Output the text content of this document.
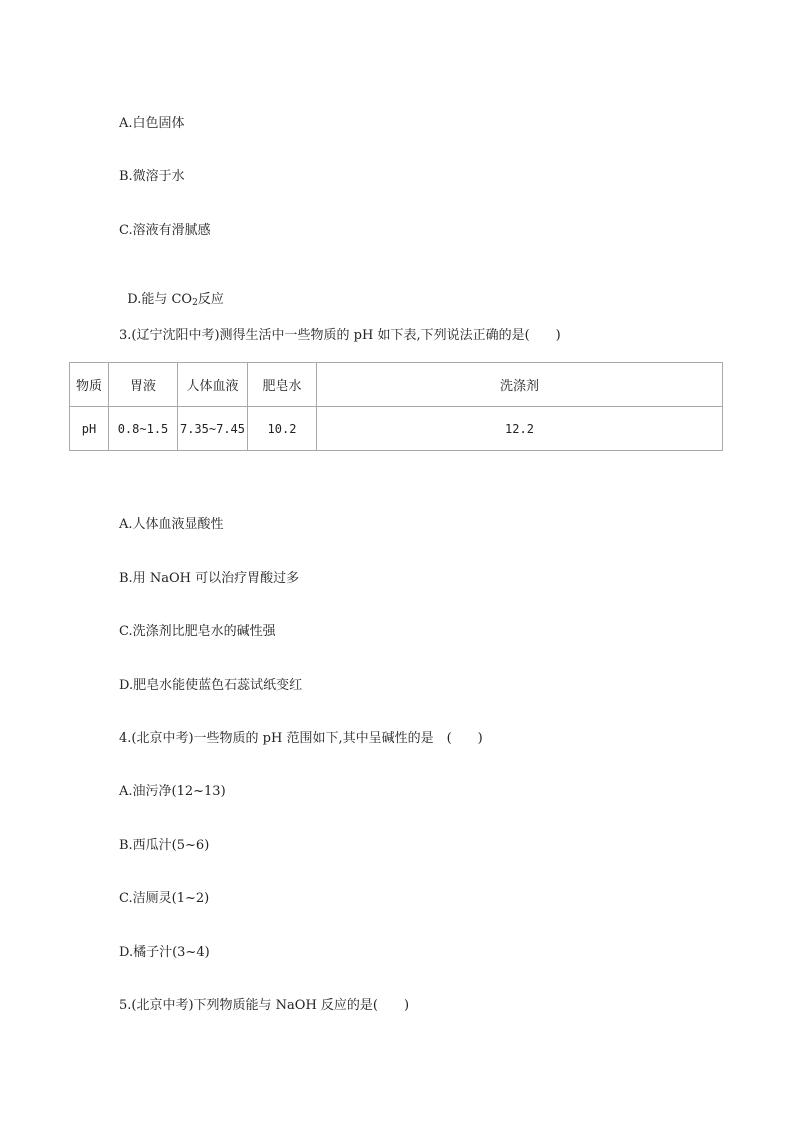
A.白色固体
B.微溶于水
C.溶液有滑腻感

D.能与 $CO_2$反应

3.(辽宁沈阳中考)测得生活中一些物质的 pH 如下表,下列说法正确的是(　　)
物质	胃液	人体血液	肥皂水	洗涤剂
pH	0.8~1.5	7.35~7.45	10.2	12.2
A.人体血液显酸性
B.用 NaOH 可以治疗胃酸过多
C.洗涤剂比肥皂水的碱性强
D.肥皂水能使蓝色石蕊试纸变红
4.(北京中考)一些物质的 pH 范围如下,其中呈碱性的是　(　　)
A.油污净(12~13)
B.西瓜汁(5~6)
C.洁厕灵(1~2)
D.橘子汁(3~4)
5.(北京中考)下列物质能与 NaOH 反应的是(　　)
